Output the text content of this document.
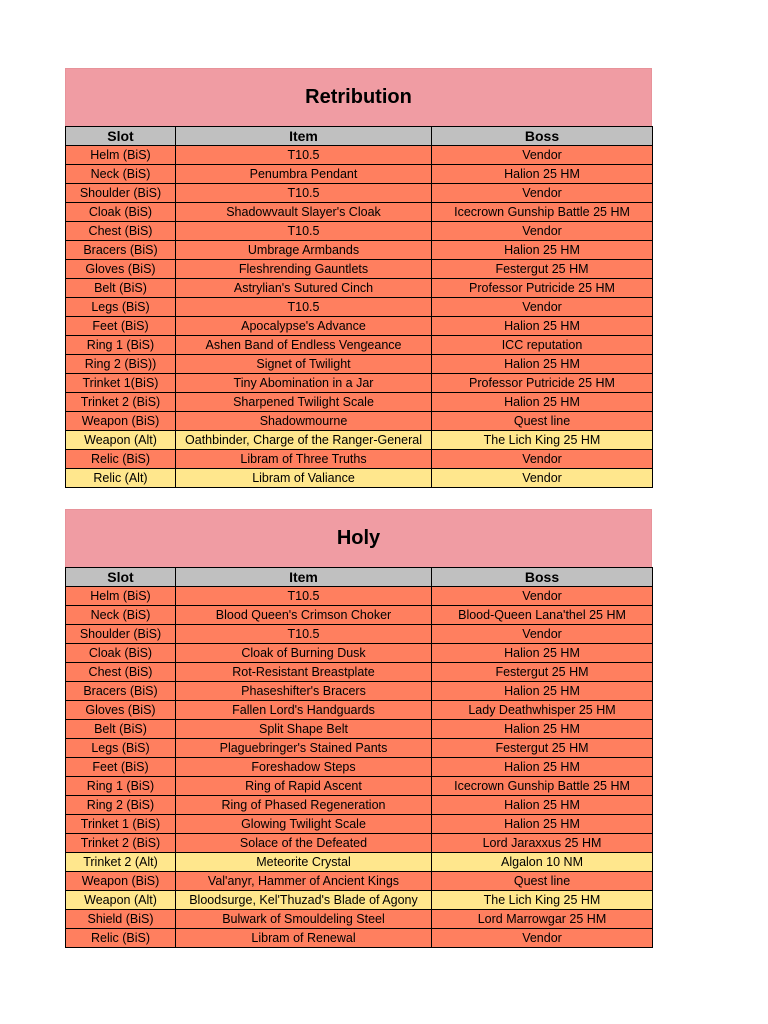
Retribution
Slot	Item	Boss
Helm (BiS)	T10.5	Vendor
Neck (BiS)	Penumbra Pendant	Halion 25 HM
Shoulder (BiS)	T10.5	Vendor
Cloak (BiS)	Shadowvault Slayer's Cloak	Icecrown Gunship Battle 25 HM
Chest (BiS)	T10.5	Vendor
Bracers (BiS)	Umbrage Armbands	Halion 25 HM
Gloves (BiS)	Fleshrending Gauntlets	Festergut 25 HM
Belt (BiS)	Astrylian's Sutured Cinch	Professor Putricide 25 HM
Legs (BiS)	T10.5	Vendor
Feet (BiS)	Apocalypse's Advance	Halion 25 HM
Ring 1 (BiS)	Ashen Band of Endless Vengeance	ICC reputation
Ring 2 (BiS))	Signet of Twilight	Halion 25 HM
Trinket 1(BiS)	Tiny Abomination in a Jar	Professor Putricide 25 HM
Trinket 2 (BiS)	Sharpened Twilight Scale	Halion 25 HM
Weapon (BiS)	Shadowmourne	Quest line
Weapon (Alt)	Oathbinder, Charge of the Ranger-General	The Lich King 25 HM
Relic (BiS)	Libram of Three Truths	Vendor
Relic (Alt)	Libram of Valiance	Vendor
Holy
Slot	Item	Boss
Helm (BiS)	T10.5	Vendor
Neck (BiS)	Blood Queen's Crimson Choker	Blood-Queen Lana'thel 25 HM
Shoulder (BiS)	T10.5	Vendor
Cloak (BiS)	Cloak of Burning Dusk	Halion 25 HM
Chest (BiS)	Rot-Resistant Breastplate	Festergut 25 HM
Bracers (BiS)	Phaseshifter's Bracers	Halion 25 HM
Gloves (BiS)	Fallen Lord's Handguards	Lady Deathwhisper 25 HM
Belt (BiS)	Split Shape Belt	Halion 25 HM
Legs (BiS)	Plaguebringer's Stained Pants	Festergut 25 HM
Feet (BiS)	Foreshadow Steps	Halion 25 HM
Ring 1 (BiS)	Ring of Rapid Ascent	Icecrown Gunship Battle 25 HM
Ring 2 (BiS)	Ring of Phased Regeneration	Halion 25 HM
Trinket 1 (BiS)	Glowing Twilight Scale	Halion 25 HM
Trinket 2 (BiS)	Solace of the Defeated	Lord Jaraxxus 25 HM
Trinket 2 (Alt)	Meteorite Crystal	Algalon 10 NM
Weapon (BiS)	Val'anyr, Hammer of Ancient Kings	Quest line
Weapon (Alt)	Bloodsurge, Kel'Thuzad's Blade of Agony	The Lich King 25 HM
Shield (BiS)	Bulwark of Smouldeling Steel	Lord Marrowgar 25 HM
Relic (BiS)	Libram of Renewal	Vendor
